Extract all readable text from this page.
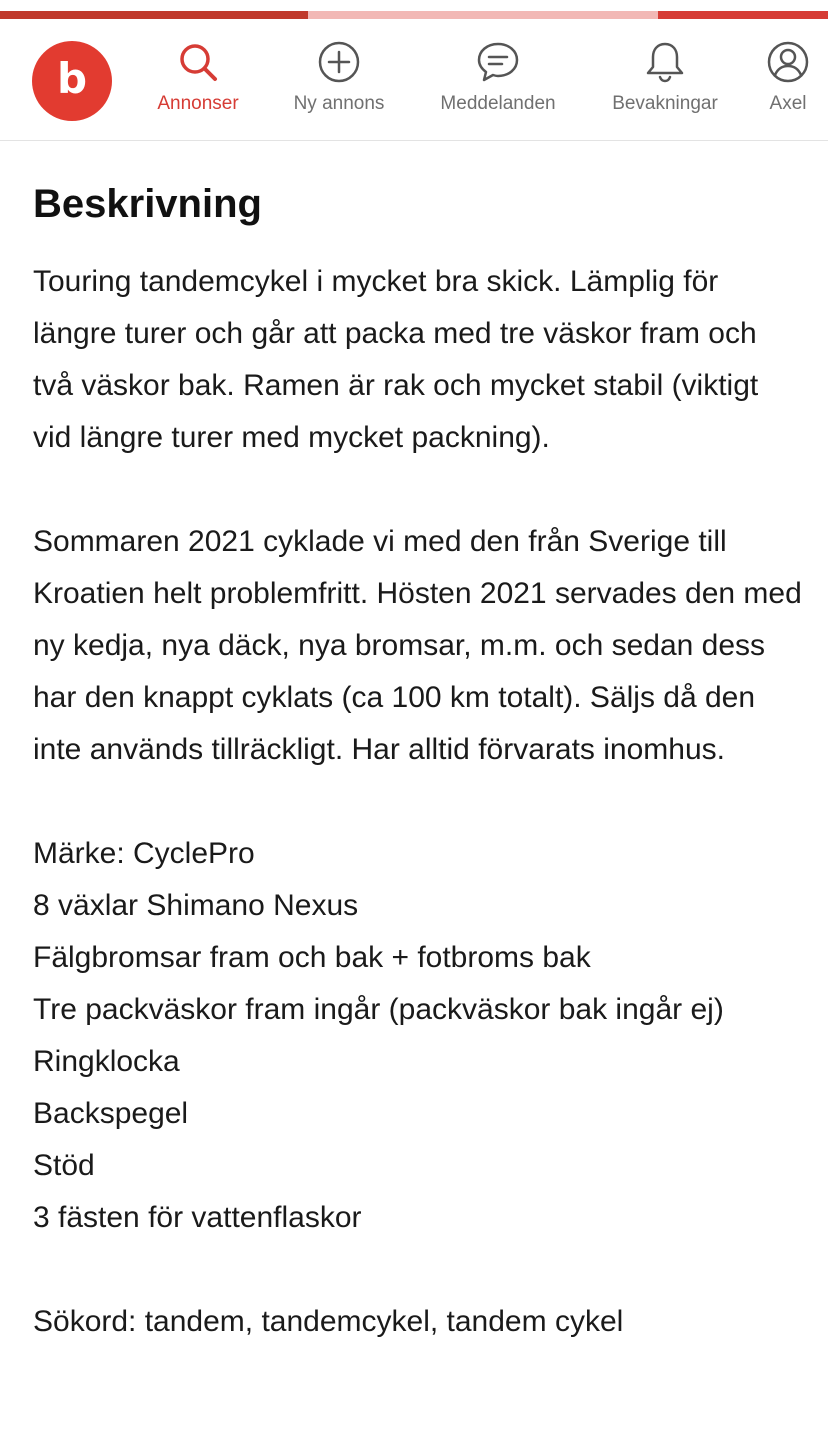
b
Annonser	Ny annons	Meddelanden	Bevakningar	Axel
Beskrivning

Touring tandemcykel i mycket bra skick. Lämplig för längre turer och går att packa med tre väskor fram och två väskor bak. Ramen är rak och mycket stabil (viktigt vid längre turer med mycket packning).

Sommaren 2021 cyklade vi med den från Sverige till Kroatien helt problemfritt. Hösten 2021 servades den med ny kedja, nya däck, nya bromsar, m.m. och sedan dess har den knappt cyklats (ca 100 km totalt). Säljs då den inte används tillräckligt. Har alltid förvarats inomhus.

Märke: CyclePro
8 växlar Shimano Nexus
Fälgbromsar fram och bak + fotbroms bak
Tre packväskor fram ingår (packväskor bak ingår ej)
Ringklocka
Backspegel
Stöd
3 fästen för vattenflaskor

Sökord: tandem, tandemcykel, tandem cykel
